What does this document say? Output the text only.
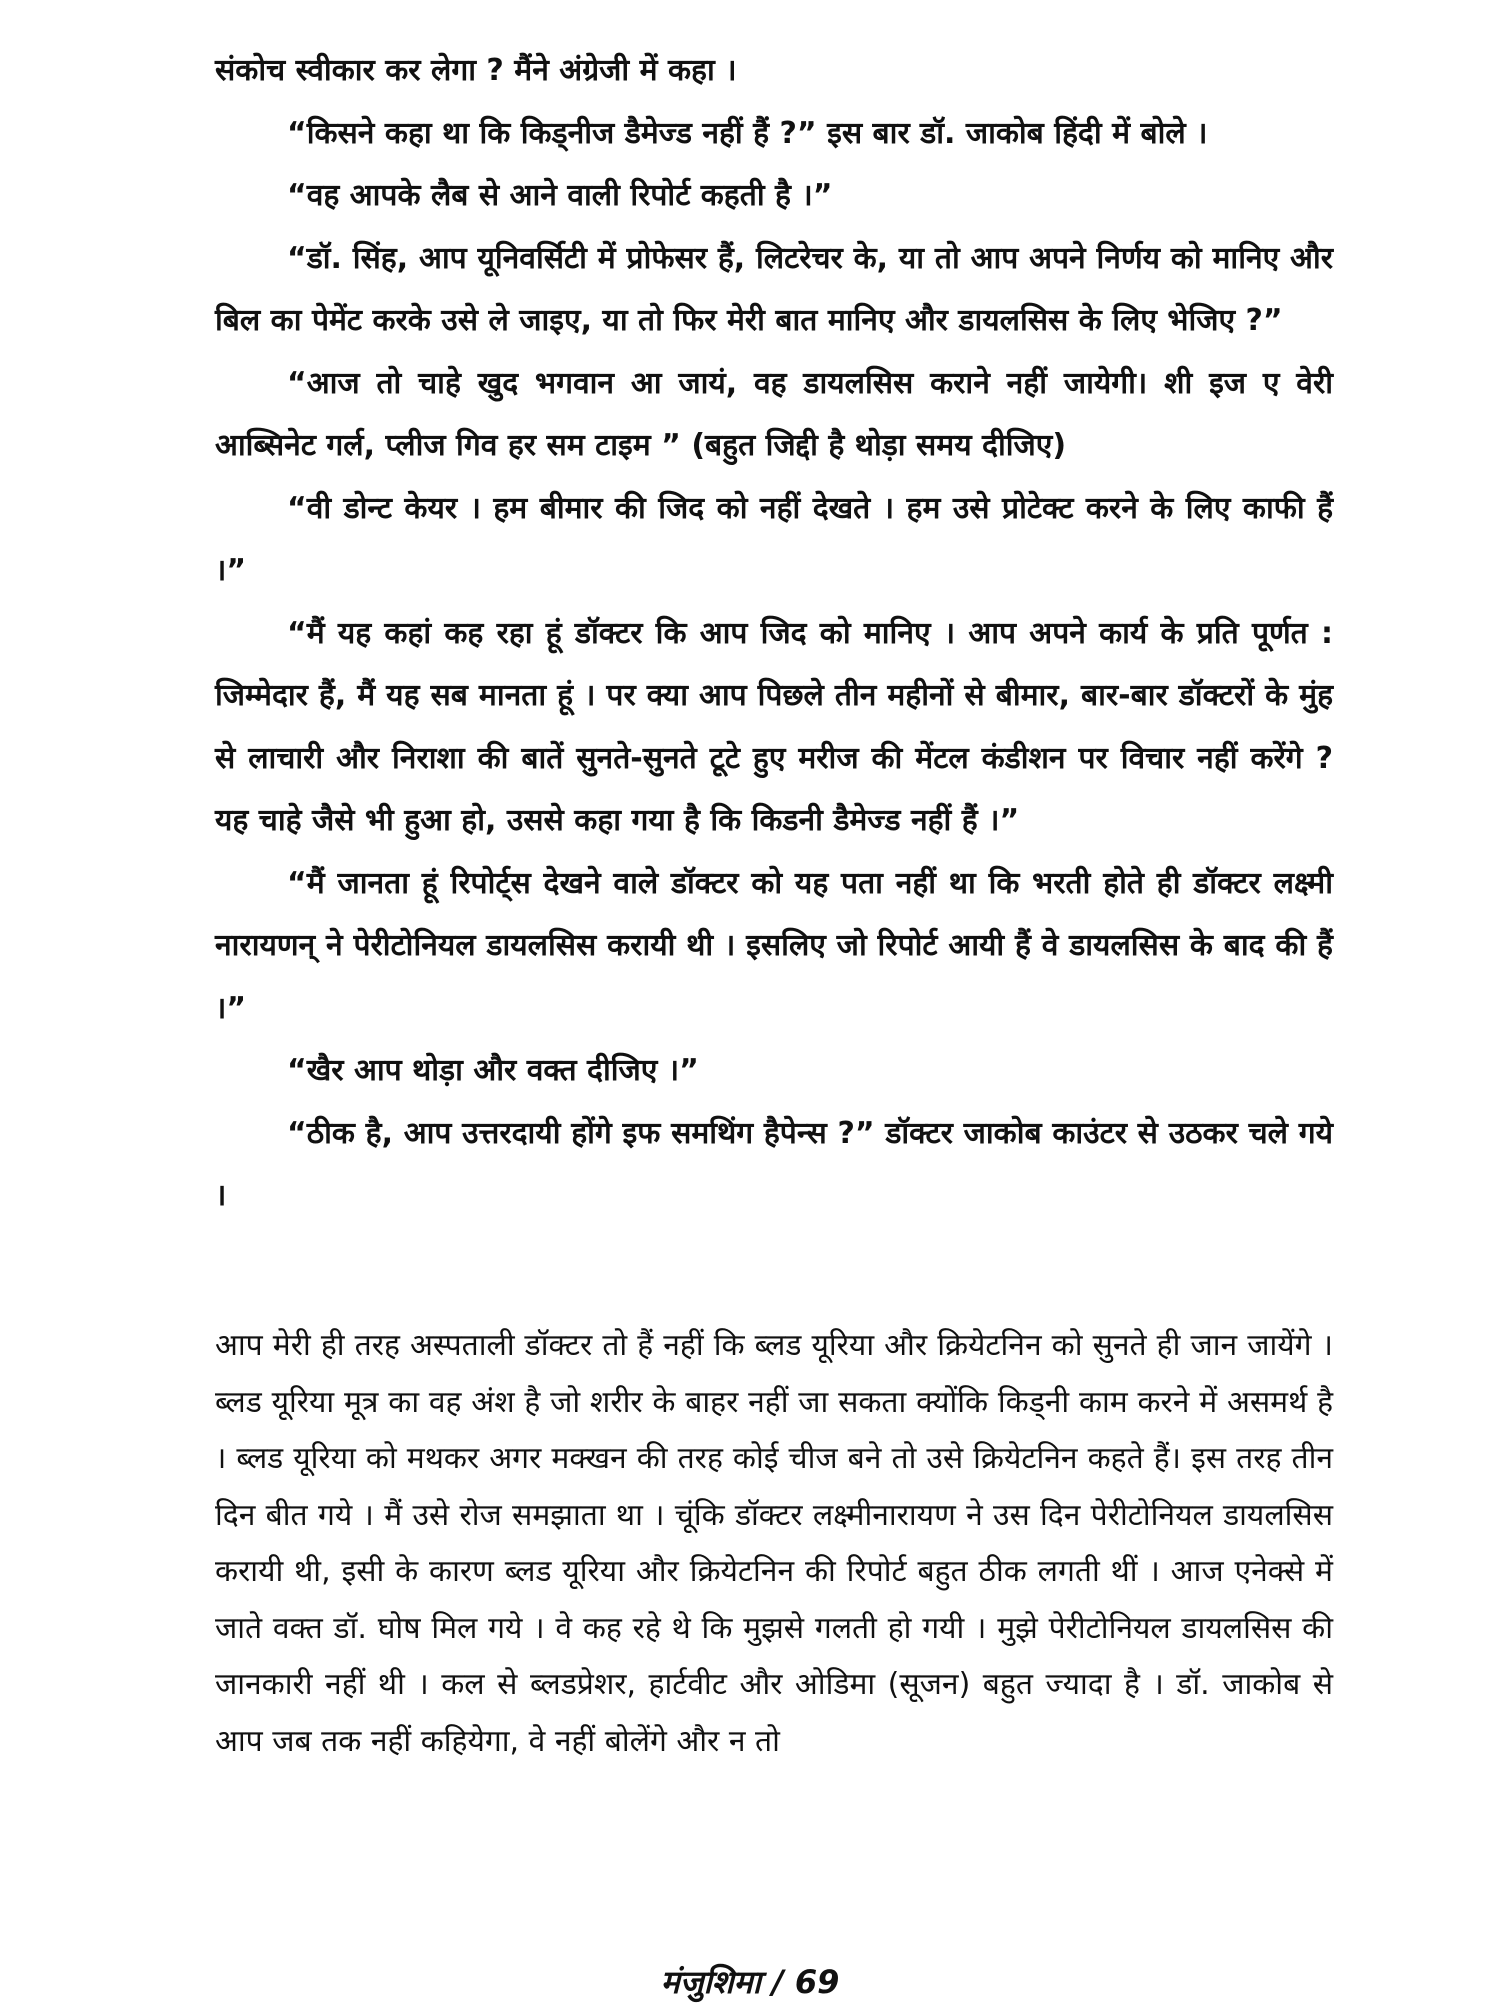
संकोच स्वीकार कर लेगा ? मैंने अंग्रेजी में कहा ।

“किसने कहा था कि किड्नीज डैमेज्ड नहीं हैं ?” इस बार डॉ. जाकोब हिंदी में बोले ।

“वह आपके लैब से आने वाली रिपोर्ट कहती है ।”

“डॉ. सिंह, आप यूनिवर्सिटी में प्रोफेसर हैं, लिटरेचर के, या तो आप अपने निर्णय को मानिए और बिल का पेमेंट करके उसे ले जाइए, या तो फिर मेरी बात मानिए और डायलसिस के लिए भेजिए ?”

“आज तो चाहे खुद भगवान आ जायं, वह डायलसिस कराने नहीं जायेगी। शी इज ए वेरी आब्सिनेट गर्ल, प्लीज गिव हर सम टाइम ” (बहुत जिद्दी है थोड़ा समय दीजिए)

“वी डोन्ट केयर । हम बीमार की जिद को नहीं देखते । हम उसे प्रोटेक्ट करने के लिए काफी हैं ।”

“मैं यह कहां कह रहा हूं डॉक्टर कि आप जिद को मानिए । आप अपने कार्य के प्रति पूर्णत : जिम्मेदार हैं, मैं यह सब मानता हूं । पर क्या आप पिछले तीन महीनों से बीमार, बार-बार डॉक्टरों के मुंह से लाचारी और निराशा की बातें सुनते-सुनते टूटे हुए मरीज की मेंटल कंडीशन पर विचार नहीं करेंगे ? यह चाहे जैसे भी हुआ हो, उससे कहा गया है कि किडनी डैमेज्ड नहीं हैं ।”

“मैं जानता हूं रिपोर्ट्स देखने वाले डॉक्टर को यह पता नहीं था कि भरती होते ही डॉक्टर लक्ष्मी नारायणन् ने पेरीटोनियल डायलसिस करायी थी । इसलिए जो रिपोर्ट आयी हैं वे डायलसिस के बाद की हैं ।”

“खैर आप थोड़ा और वक्त दीजिए ।”

“ठीक है, आप उत्तरदायी होंगे इफ समथिंग हैपेन्स ?” डॉक्टर जाकोब काउंटर से उठकर चले गये ।

आप मेरी ही तरह अस्पताली डॉक्टर तो हैं नहीं कि ब्लड यूरिया और क्रियेटनिन को सुनते ही जान जायेंगे । ब्लड यूरिया मूत्र का वह अंश है जो शरीर के बाहर नहीं जा सकता क्योंकि किड्नी काम करने में असमर्थ है । ब्लड यूरिया को मथकर अगर मक्खन की तरह कोई चीज बने तो उसे क्रियेटनिन कहते हैं। इस तरह तीन दिन बीत गये । मैं उसे रोज समझाता था । चूंकि डॉक्टर लक्ष्मीनारायण ने उस दिन पेरीटोनियल डायलसिस करायी थी, इसी के कारण ब्लड यूरिया और क्रियेटनिन की रिपोर्ट बहुत ठीक लगती थीं । आज एनेक्से में जाते वक्त डॉ. घोष मिल गये । वे कह रहे थे कि मुझसे गलती हो गयी । मुझे पेरीटोनियल डायलसिस की जानकारी नहीं थी । कल से ब्लडप्रेशर, हार्टवीट और ओडिमा (सूजन) बहुत ज्यादा है । डॉ. जाकोब से आप जब तक नहीं कहियेगा, वे नहीं बोलेंगे और न तो

मंजुशिमा / 69
